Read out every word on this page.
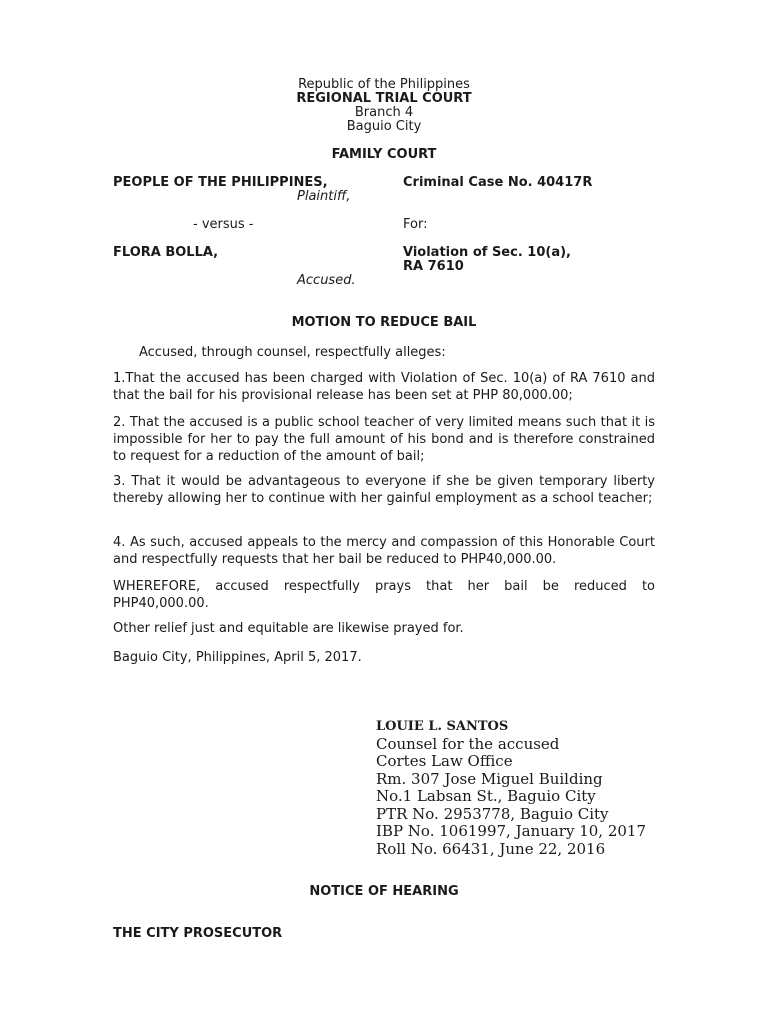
Republic of the Philippines
REGIONAL TRIAL COURT
Branch 4
Baguio City
FAMILY COURT
PEOPLE OF THE PHILIPPINES,
Plaintiff,
Criminal Case No. 40417R
- versus -	For:
FLORA BOLLA,	Violation of Sec. 10(a),
RA 7610
Accused.
MOTION TO REDUCE BAIL
Accused, through counsel, respectfully alleges:
1.That the accused has been charged with Violation of Sec. 10(a) of RA 7610 and that the bail for his provisional release has been set at PHP 80,000.00;
2. That the accused is a public school teacher of very limited means such that it is impossible for her to pay the full amount of his bond and is therefore constrained to request for a reduction of the amount of bail;
3. That it would be advantageous to everyone if she be given temporary liberty thereby allowing her to continue with her gainful employment as a school teacher;
4. As such, accused appeals to the mercy and compassion of this Honorable Court and respectfully requests that her bail be reduced to PHP40,000.00.
WHEREFORE, accused respectfully prays that her bail be reduced to PHP40,000.00.
Other relief just and equitable are likewise prayed for.
Baguio City, Philippines, April 5, 2017.
LOUIE L. SANTOS
Counsel for the accused
Cortes Law Office
Rm. 307 Jose Miguel Building
No.1 Labsan St., Baguio City
PTR No. 2953778, Baguio City
IBP No. 1061997, January 10, 2017
Roll No. 66431, June 22, 2016
NOTICE OF HEARING
THE CITY PROSECUTOR
